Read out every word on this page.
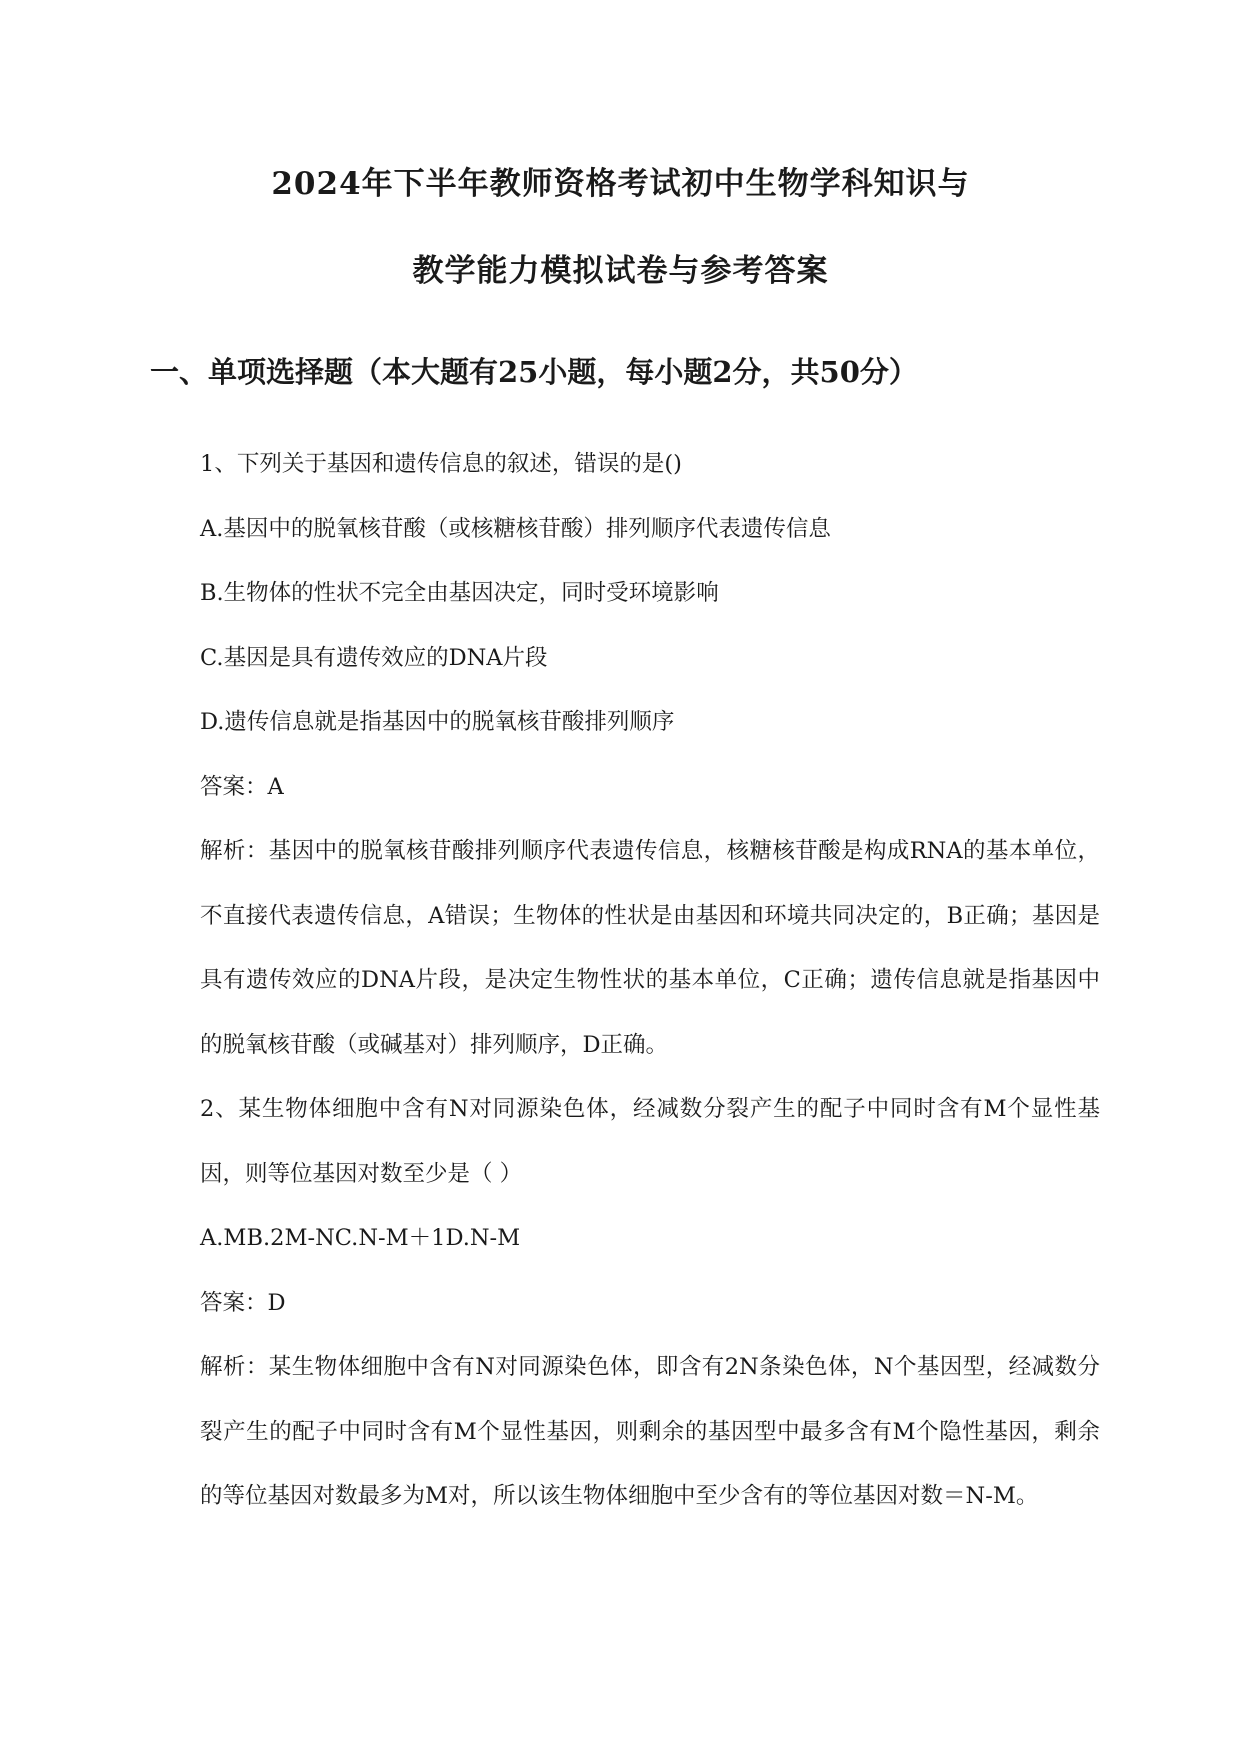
2024年下半年教师资格考试初中生物学科知识与
教学能力模拟试卷与参考答案
一、单项选择题（本大题有25小题，每小题2分，共50分）

1、下列关于基因和遗传信息的叙述，错误的是()

A.基因中的脱氧核苷酸（或核糖核苷酸）排列顺序代表遗传信息

B.生物体的性状不完全由基因决定，同时受环境影响

C.基因是具有遗传效应的DNA片段

D.遗传信息就是指基因中的脱氧核苷酸排列顺序

答案：A

解析：基因中的脱氧核苷酸排列顺序代表遗传信息，核糖核苷酸是构成RNA的基本单位，不直接代表遗传信息，A错误；生物体的性状是由基因和环境共同决定的，B正确；基因是具有遗传效应的DNA片段，是决定生物性状的基本单位，C正确；遗传信息就是指基因中的脱氧核苷酸（或碱基对）排列顺序，D正确。

2、某生物体细胞中含有N对同源染色体，经减数分裂产生的配子中同时含有M个显性基因，则等位基因对数至少是（ ）

A.MB.2M-NC.N-M＋1D.N-M

答案：D

解析：某生物体细胞中含有N对同源染色体，即含有2N条染色体，N个基因型，经减数分裂产生的配子中同时含有M个显性基因，则剩余的基因型中最多含有M个隐性基因，剩余的等位基因对数最多为M对，所以该生物体细胞中至少含有的等位基因对数＝N-M。
